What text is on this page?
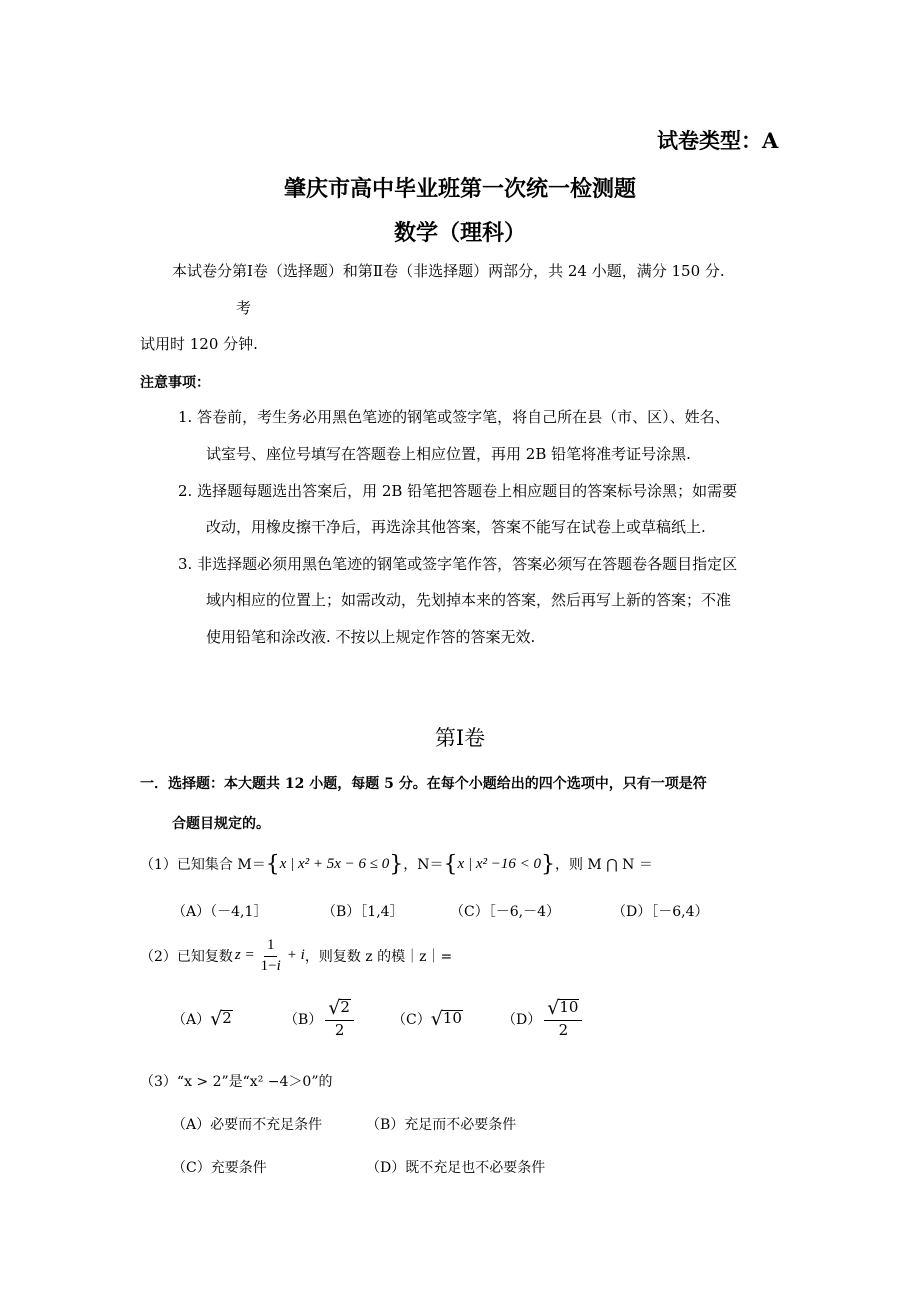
试卷类型：A
肇庆市高中毕业班第一次统一检测题
数学（理科）
本试卷分第Ⅰ卷（选择题）和第Ⅱ卷（非选择题）两部分，共 24 小题，满分 150 分.
考
试用时 120 分钟.
注意事项：
1. 答卷前，考生务必用黑色笔迹的钢笔或签字笔，将自己所在县（市、区）、姓名、
试室号、座位号填写在答题卷上相应位置，再用 2B 铅笔将准考证号涂黑.
2. 选择题每题选出答案后，用 2B 铅笔把答题卷上相应题目的答案标号涂黑；如需要
改动，用橡皮擦干净后，再选涂其他答案，答案不能写在试卷上或草稿纸上.
3. 非选择题必须用黑色笔迹的钢笔或签字笔作答，答案必须写在答题卷各题目指定区
域内相应的位置上；如需改动，先划掉本来的答案，然后再写上新的答案；不准
使用铅笔和涂改液. 不按以上规定作答的答案无效.
第Ⅰ卷
一．选择题：本大题共 12 小题，每题 5 分。在每个小题给出的四个选项中，只有一项是符
合题目规定的。
（1）已知集合 M＝ { x | x² + 5x − 6 ≤ 0 } ，N＝ { x | x² −16 < 0 } ，则 M ⋂ N ＝
（A）（－4,1］	（B）［1,4］	（C）［－6,－4）	（D）［－6,4）
（2）已知复数 $z = \frac{1}{1-i} + i$ ，则复数 z 的模｜z｜=
（A） √ 2	$(B) \frac{√ 2}{2}$	（C） √ 10	$(D) \frac{√ 10}{2}$
（3）“x > 2”是“x² −4＞0”的
（A）必要而不充足条件	（B）充足而不必要条件
（C）充要条件	（D）既不充足也不必要条件
